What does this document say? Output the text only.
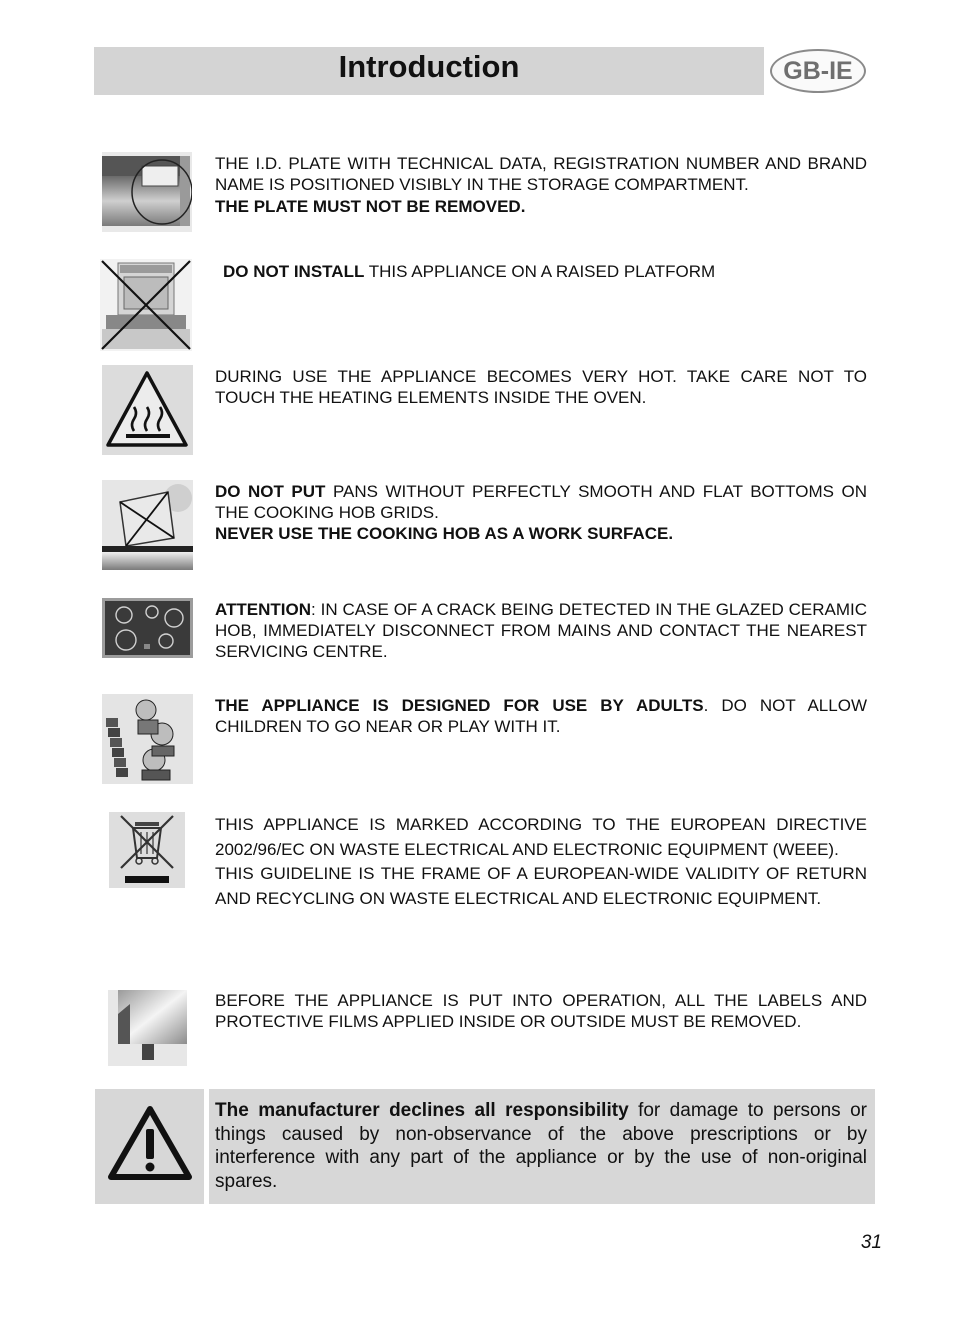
Introduction	GB-IE

THE I.D. PLATE WITH TECHNICAL DATA, REGISTRATION NUMBER AND BRAND NAME IS POSITIONED VISIBLY IN THE STORAGE COMPARTMENT.

THE PLATE MUST NOT BE REMOVED.

DO NOT INSTALL THIS APPLIANCE ON A RAISED PLATFORM

DURING USE THE APPLIANCE BECOMES VERY HOT. TAKE CARE NOT TO TOUCH THE HEATING ELEMENTS INSIDE THE OVEN.

DO NOT PUT PANS WITHOUT PERFECTLY SMOOTH AND FLAT BOTTOMS ON THE COOKING HOB GRIDS.

NEVER USE THE COOKING HOB AS A WORK SURFACE.

ATTENTION: IN CASE OF A CRACK BEING DETECTED IN THE GLAZED CERAMIC HOB, IMMEDIATELY DISCONNECT FROM MAINS AND CONTACT THE NEAREST SERVICING CENTRE.

THE APPLIANCE IS DESIGNED FOR USE BY ADULTS. DO NOT ALLOW CHILDREN TO GO NEAR OR PLAY WITH IT.

THIS APPLIANCE IS MARKED ACCORDING TO THE EUROPEAN DIRECTIVE 2002/96/EC ON WASTE ELECTRICAL AND ELECTRONIC EQUIPMENT (WEEE).

THIS GUIDELINE IS THE FRAME OF A EUROPEAN-WIDE VALIDITY OF RETURN AND RECYCLING ON WASTE ELECTRICAL AND ELECTRONIC EQUIPMENT.

BEFORE THE APPLIANCE IS PUT INTO OPERATION, ALL THE LABELS AND PROTECTIVE FILMS APPLIED INSIDE OR OUTSIDE MUST BE REMOVED.

The manufacturer declines all responsibility for damage to persons or things caused by non-observance of the above prescriptions or by interference with any part of the appliance or by the use of non-original spares.
31
